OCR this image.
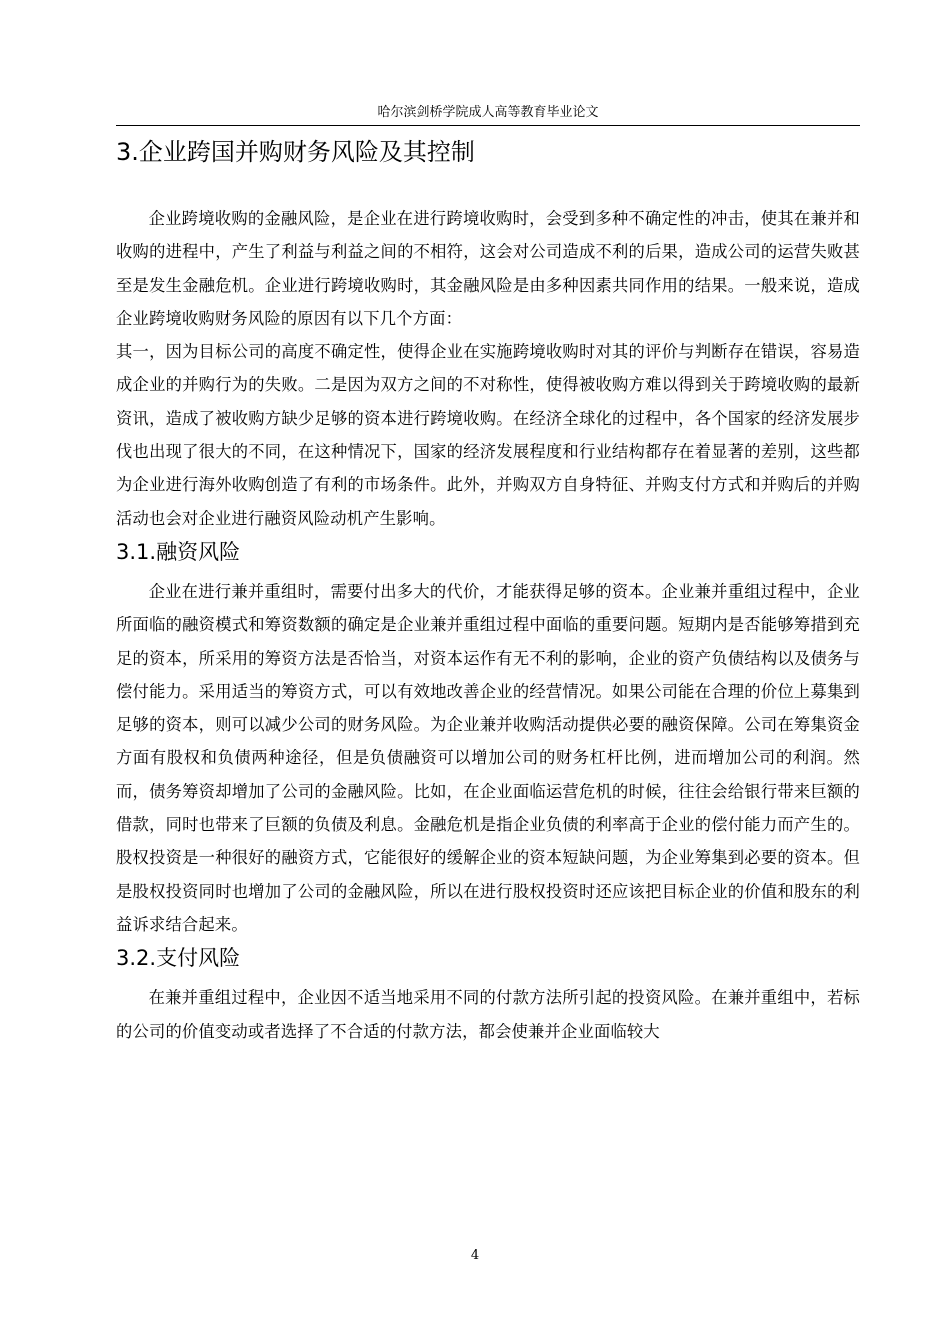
哈尔滨剑桥学院成人高等教育毕业论文
3.企业跨国并购财务风险及其控制

企业跨境收购的金融风险，是企业在进行跨境收购时，会受到多种不确定性的冲击，使其在兼并和收购的进程中，产生了利益与利益之间的不相符，这会对公司造成不利的后果，造成公司的运营失败甚至是发生金融危机。企业进行跨境收购时，其金融风险是由多种因素共同作用的结果。一般来说，造成企业跨境收购财务风险的原因有以下几个方面：

其一，因为目标公司的高度不确定性，使得企业在实施跨境收购时对其的评价与判断存在错误，容易造成企业的并购行为的失败。二是因为双方之间的不对称性，使得被收购方难以得到关于跨境收购的最新资讯，造成了被收购方缺少足够的资本进行跨境收购。在经济全球化的过程中，各个国家的经济发展步伐也出现了很大的不同，在这种情况下，国家的经济发展程度和行业结构都存在着显著的差别，这些都为企业进行海外收购创造了有利的市场条件。此外，并购双方自身特征、并购支付方式和并购后的并购活动也会对企业进行融资风险动机产生影响。

3.1.融资风险

企业在进行兼并重组时，需要付出多大的代价，才能获得足够的资本。企业兼并重组过程中，企业所面临的融资模式和筹资数额的确定是企业兼并重组过程中面临的重要问题。短期内是否能够筹措到充足的资本，所采用的筹资方法是否恰当，对资本运作有无不利的影响，企业的资产负债结构以及债务与偿付能力。采用适当的筹资方式，可以有效地改善企业的经营情况。如果公司能在合理的价位上募集到足够的资本，则可以减少公司的财务风险。为企业兼并收购活动提供必要的融资保障。公司在筹集资金方面有股权和负债两种途径，但是负债融资可以增加公司的财务杠杆比例，进而增加公司的利润。然而，债务筹资却增加了公司的金融风险。比如，在企业面临运营危机的时候，往往会给银行带来巨额的借款，同时也带来了巨额的负债及利息。金融危机是指企业负债的利率高于企业的偿付能力而产生的。股权投资是一种很好的融资方式，它能很好的缓解企业的资本短缺问题，为企业筹集到必要的资本。但是股权投资同时也增加了公司的金融风险，所以在进行股权投资时还应该把目标企业的价值和股东的利益诉求结合起来。

3.2.支付风险

在兼并重组过程中，企业因不适当地采用不同的付款方法所引起的投资风险。在兼并重组中，若标的公司的价值变动或者选择了不合适的付款方法，都会使兼并企业面临较大

4
